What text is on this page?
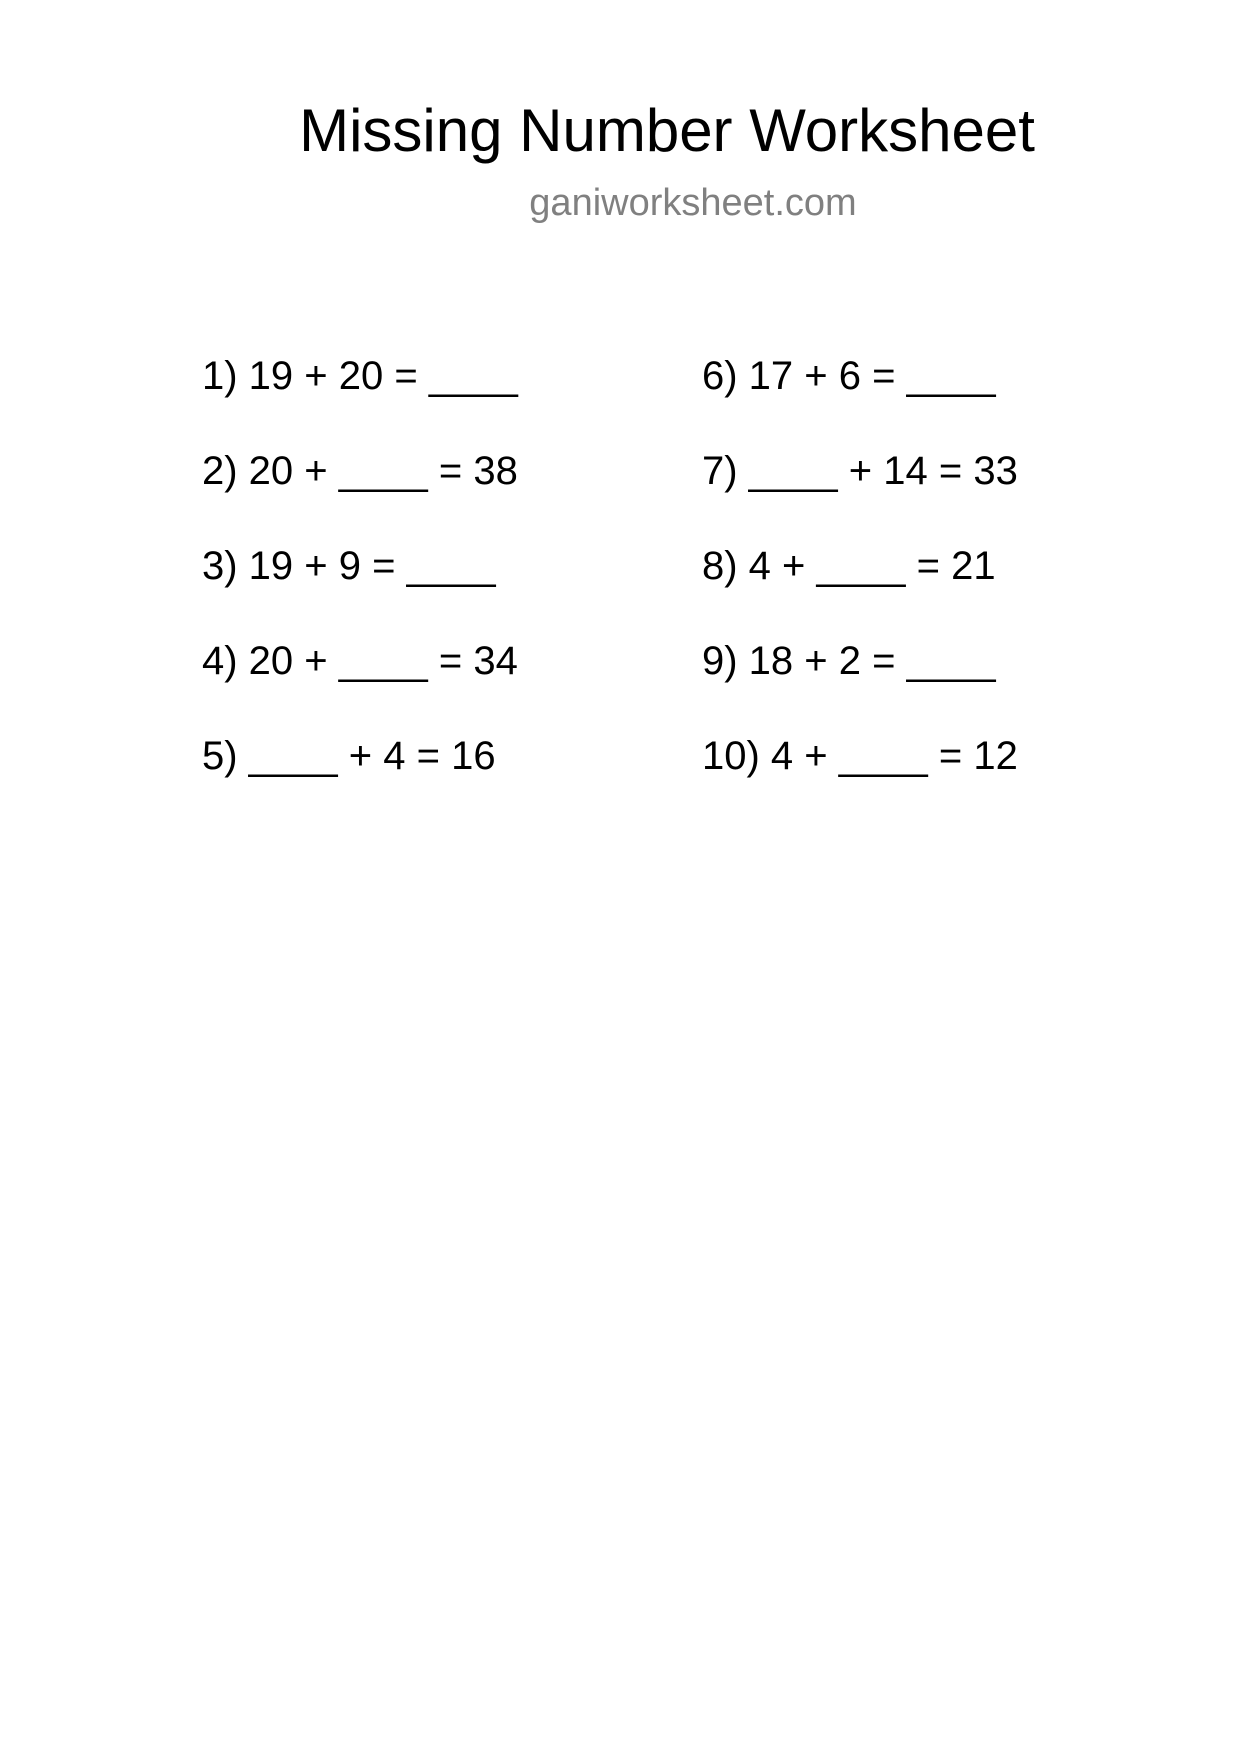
Missing Number Worksheet
ganiworksheet.com
1) 19 + 20 = ____
2) 20 + ____ = 38
3) 19 + 9 = ____
4) 20 + ____ = 34
5) ____ + 4 = 16
6) 17 + 6 = ____
7) ____ + 14 = 33
8) 4 + ____ = 21
9) 18 + 2 = ____
10) 4 + ____ = 12
